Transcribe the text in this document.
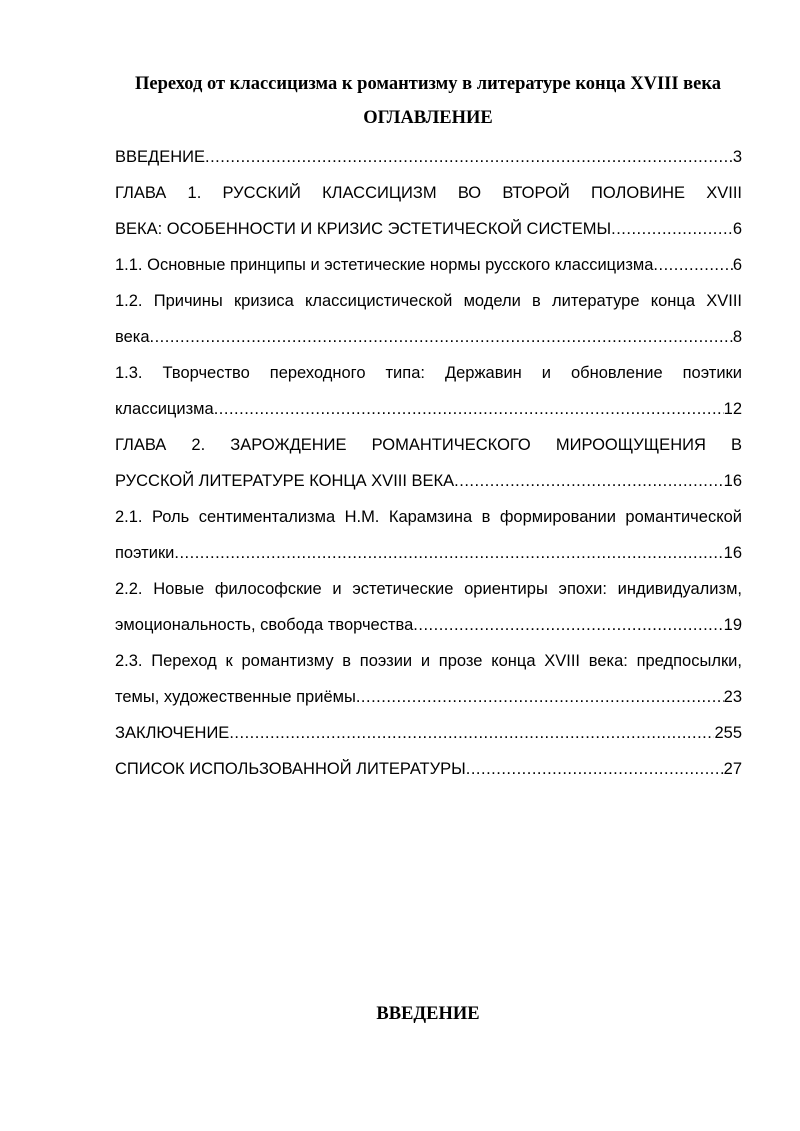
Переход от классицизма к романтизму в литературе конца XVIII века
ОГЛАВЛЕНИЕ
ВВЕДЕНИЕ .....	3
ГЛАВА 1. РУССКИЙ КЛАССИЦИЗМ ВО ВТОРОЙ ПОЛОВИНЕ XVIII
ВЕКА: ОСОБЕННОСТИ И КРИЗИС ЭСТЕТИЧЕСКОЙ СИСТЕМЫ .....	6
1.1. Основные принципы и эстетические нормы русского классицизма .....	6
1.2. Причины кризиса классицистической модели в литературе конца XVIII
века .....	8
1.3. Творчество переходного типа: Державин и обновление поэтики
классицизма .....	12
ГЛАВА 2. ЗАРОЖДЕНИЕ РОМАНТИЧЕСКОГО МИРООЩУЩЕНИЯ В
РУССКОЙ ЛИТЕРАТУРЕ КОНЦА XVIII ВЕКА .....	16
2.1. Роль сентиментализма Н.М. Карамзина в формировании романтической
поэтики .....	16
2.2. Новые философские и эстетические ориентиры эпохи: индивидуализм,
эмоциональность, свобода творчества .....	19
2.3. Переход к романтизму в поэзии и прозе конца XVIII века: предпосылки,
темы, художественные приёмы .....	23
ЗАКЛЮЧЕНИЕ .....	255
СПИСОК ИСПОЛЬЗОВАННОЙ ЛИТЕРАТУРЫ .....	27
ВВЕДЕНИЕ
